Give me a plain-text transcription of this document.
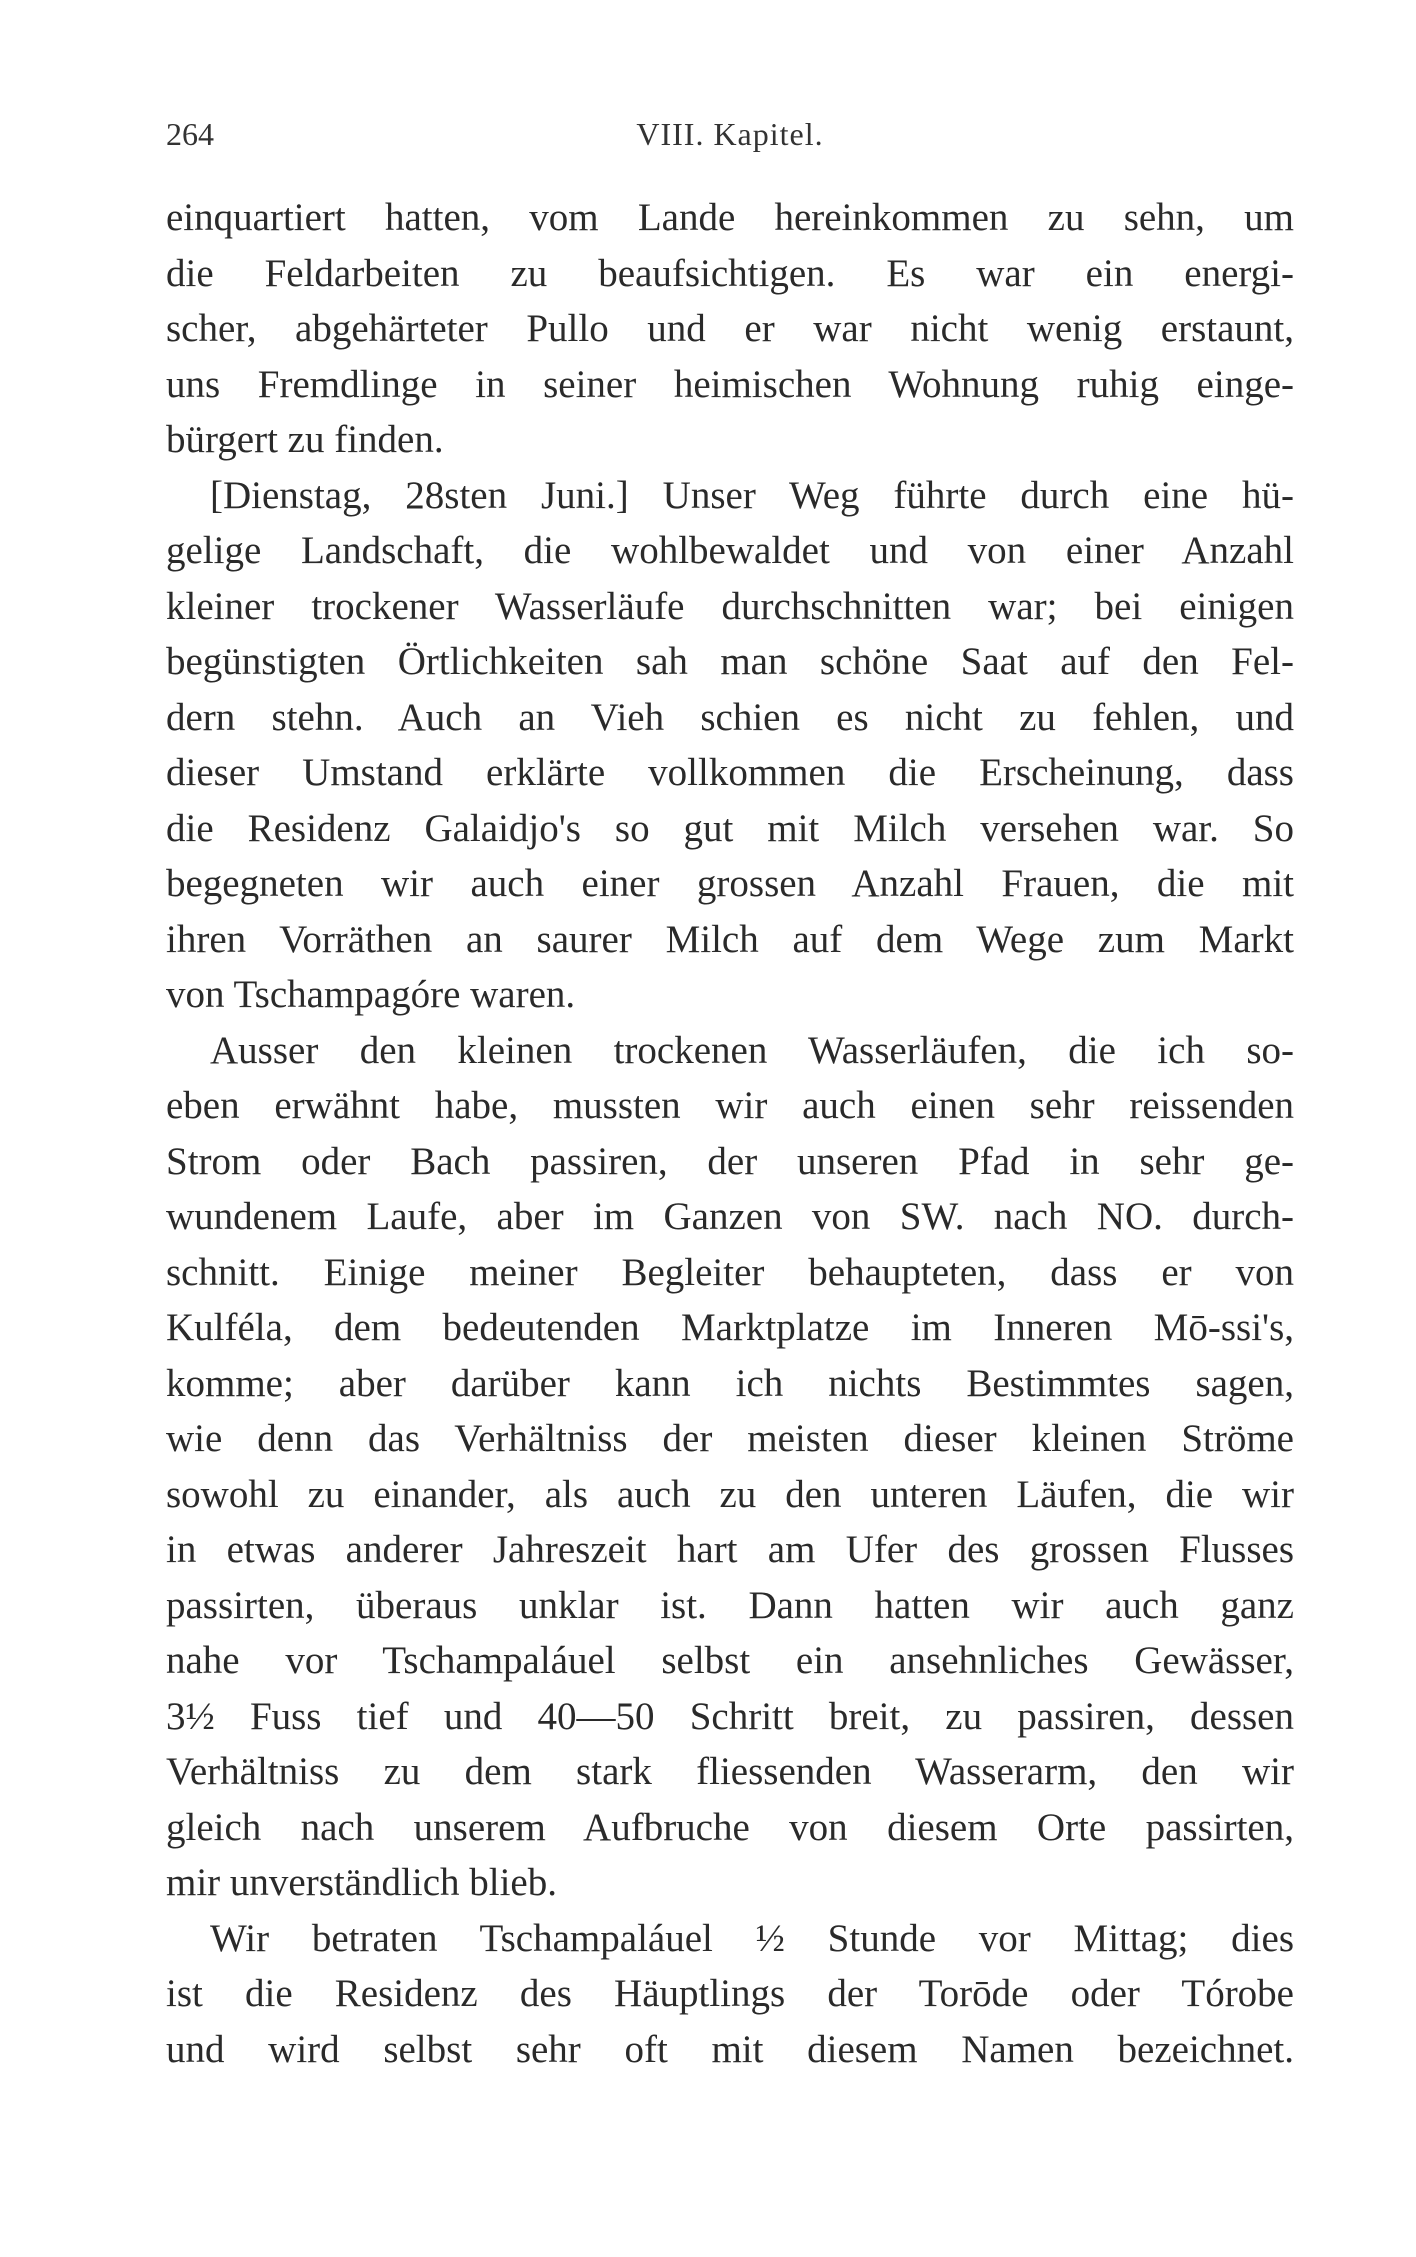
264	VIII. Kapitel.
einquartiert hatten, vom Lande hereinkommen zu sehn, um
die Feldarbeiten zu beaufsichtigen. Es war ein energi-
scher, abgehärteter Pullo und er war nicht wenig erstaunt,
uns Fremdlinge in seiner heimischen Wohnung ruhig einge-
bürgert zu finden.
[Dienstag, 28sten Juni.] Unser Weg führte durch eine hü-
gelige Landschaft, die wohlbewaldet und von einer Anzahl
kleiner trockener Wasserläufe durchschnitten war; bei einigen
begünstigten Örtlichkeiten sah man schöne Saat auf den Fel-
dern stehn. Auch an Vieh schien es nicht zu fehlen, und
dieser Umstand erklärte vollkommen die Erscheinung, dass
die Residenz Galaidjo's so gut mit Milch versehen war. So
begegneten wir auch einer grossen Anzahl Frauen, die mit
ihren Vorräthen an saurer Milch auf dem Wege zum Markt
von Tschampagóre waren.
Ausser den kleinen trockenen Wasserläufen, die ich so-
eben erwähnt habe, mussten wir auch einen sehr reissenden
Strom oder Bach passiren, der unseren Pfad in sehr ge-
wundenem Laufe, aber im Ganzen von SW. nach NO. durch-
schnitt. Einige meiner Begleiter behaupteten, dass er von
Kulféla, dem bedeutenden Marktplatze im Inneren Mō-ssi's,
komme; aber darüber kann ich nichts Bestimmtes sagen,
wie denn das Verhältniss der meisten dieser kleinen Ströme
sowohl zu einander, als auch zu den unteren Läufen, die wir
in etwas anderer Jahreszeit hart am Ufer des grossen Flusses
passirten, überaus unklar ist. Dann hatten wir auch ganz
nahe vor Tschampaláuel selbst ein ansehnliches Gewässer,
3½ Fuss tief und 40—50 Schritt breit, zu passiren, dessen
Verhältniss zu dem stark fliessenden Wasserarm, den wir
gleich nach unserem Aufbruche von diesem Orte passirten,
mir unverständlich blieb.
Wir betraten Tschampaláuel ½ Stunde vor Mittag; dies
ist die Residenz des Häuptlings der Torōde oder Tórobe
und wird selbst sehr oft mit diesem Namen bezeichnet.
